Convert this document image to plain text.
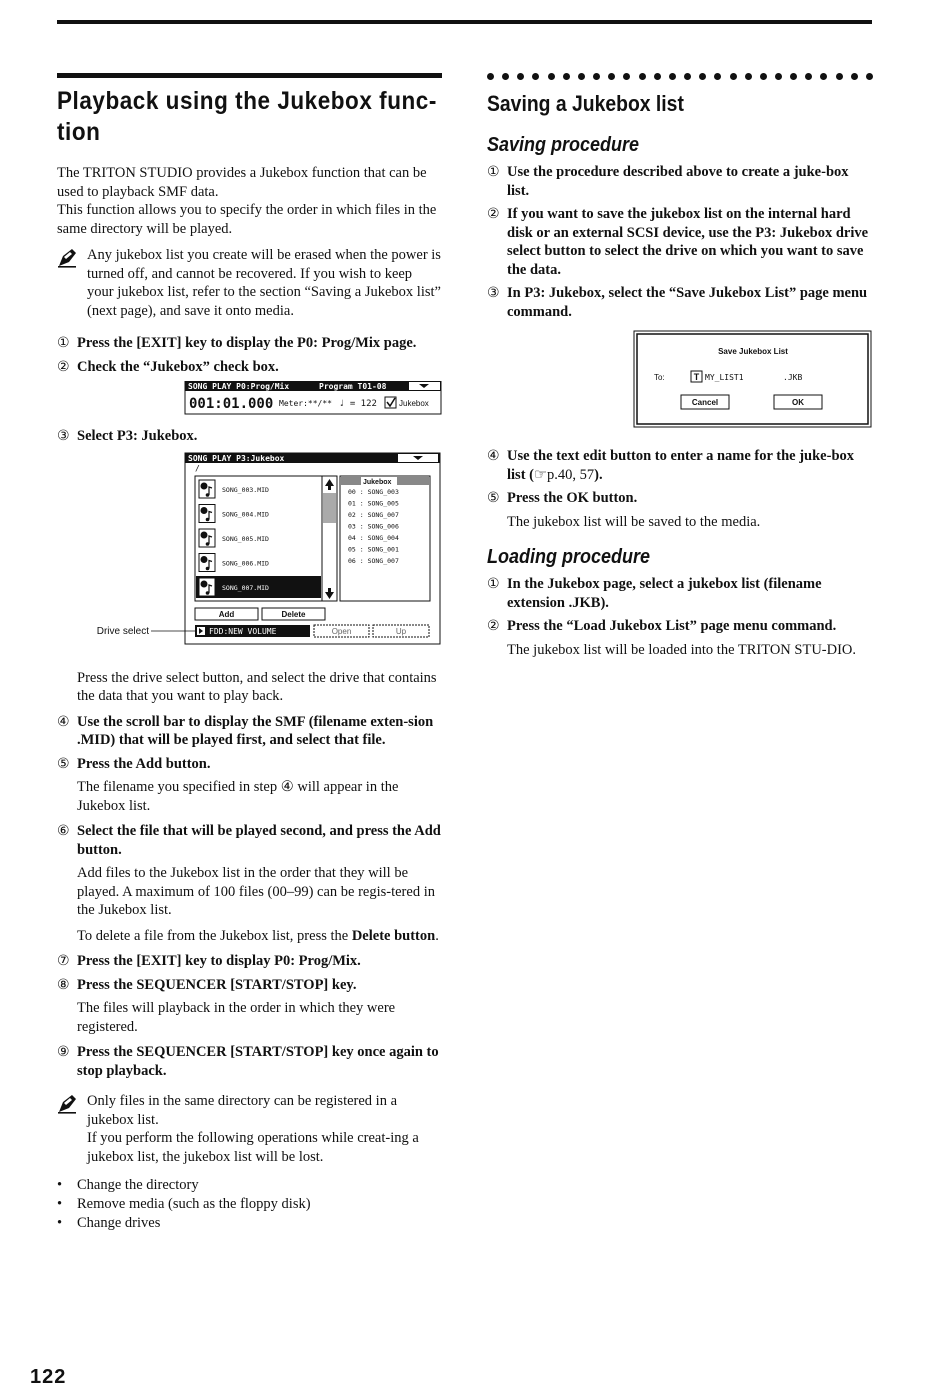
Playback using the Jukebox func-tion

The TRITON STUDIO provides a Jukebox function that can be used to playback SMF data.

This function allows you to specify the order in which files in the same directory will be played.

Any jukebox list you create will be erased when the power is turned off, and cannot be recovered. If you wish to keep your jukebox list, refer to the section “Saving a Jukebox list” (next page), and save it onto media.

① Press the [EXIT] key to display the P0: Prog/Mix page.
② Check the “Jukebox” check box.
SONG PLAY P0:Prog/Mix	Program T01-08
001:01.000 Meter:**/** ♩ = 122	Jukebox
③ Select P3: Jukebox.
SONG PLAY P3:Jukebox
/
SONG_003.MID
SONG_004.MID
SONG_005.MID
SONG_006.MID
SONG_007.MID
Jukebox
00 : SONG_003
01 : SONG_005
02 : SONG_007
03 : SONG_006
04 : SONG_004
05 : SONG_001
06 : SONG_007
Add	Delete
FDD:NEW VOLUME	Open	Up
Drive select

Press the drive select button, and select the drive that contains the data that you want to play back.

④ Use the scroll bar to display the SMF (filename exten-sion .MID) that will be played first, and select that file.
⑤ Press the Add button.

The filename you specified in step ④ will appear in the Jukebox list.

⑥ Select the file that will be played second, and press the Add button.

Add files to the Jukebox list in the order that they will be played. A maximum of 100 files (00–99) can be regis-tered in the Jukebox list.

To delete a file from the Jukebox list, press the Delete button.

⑦ Press the [EXIT] key to display P0: Prog/Mix.
⑧ Press the SEQUENCER [START/STOP] key.

The files will playback in the order in which they were registered.

⑨ Press the SEQUENCER [START/STOP] key once again to stop playback.

Only files in the same directory can be registered in a jukebox list.

If you perform the following operations while creat-ing a jukebox list, the jukebox list will be lost.

• Change the directory
• Remove media (such as the floppy disk)
• Change drives
Saving a Jukebox list
Saving procedure
① Use the procedure described above to create a juke-box list.
② If you want to save the jukebox list on the internal hard disk or an external SCSI device, use the P3: Jukebox drive select button to select the drive on which you want to save the data.
③ In P3: Jukebox, select the “Save Jukebox List” page menu command.
Save Jukebox List
To:	T MY_LIST1	.JKB
Cancel	OK
④ Use the text edit button to enter a name for the juke-box list (☞p.40, 57).
⑤ Press the OK button.

The jukebox list will be saved to the media.

Loading procedure
① In the Jukebox page, select a jukebox list (filename extension .JKB).
② Press the “Load Jukebox List” page menu command.

The jukebox list will be loaded into the TRITON STU-DIO.

122
